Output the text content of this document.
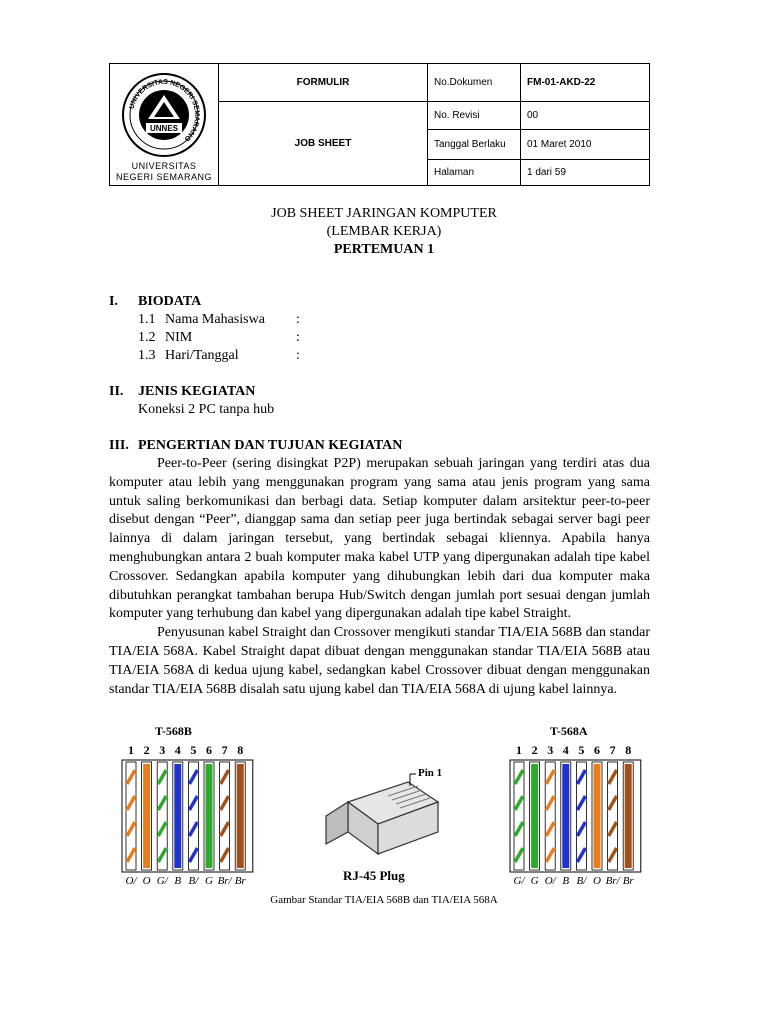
UNIVERSITAS NEGERI SEMARANG
UNNES
UNIVERSITAS
NEGERI SEMARANG	FORMULIR	No.Dokumen	FM-01-AKD-22
	JOB SHEET	No. Revisi	00
		Tanggal Berlaku	01 Maret 2010
		Halaman	1 dari 59
JOB SHEET JARINGAN KOMPUTER
(LEMBAR KERJA)
PERTEMUAN 1
I. BIODATA
1.1 Nama Mahasiswa :
1.2 NIM	:
1.3 Hari/Tanggal	:
II. JENIS KEGIATAN
Koneksi 2 PC tanpa hub
III. PENGERTIAN DAN TUJUAN KEGIATAN

Peer-to-Peer (sering disingkat P2P) merupakan sebuah jaringan yang terdiri atas dua komputer atau lebih yang menggunakan program yang sama atau jenis program yang sama untuk saling berkomunikasi dan berbagi data. Setiap komputer dalam arsitektur peer-to-peer disebut dengan “Peer”, dianggap sama dan setiap peer juga bertindak sebagai server bagi peer lainnya di dalam jaringan tersebut, yang bertindak sebagai kliennya. Apabila hanya menghubungkan antara 2 buah komputer maka kabel UTP yang dipergunakan adalah tipe kabel Crossover. Sedangkan apabila komputer yang dihubungkan lebih dari dua komputer maka dibutuhkan perangkat tambahan berupa Hub/Switch dengan jumlah port sesuai dengan jumlah komputer yang terhubung dan kabel yang dipergunakan adalah tipe kabel Straight.

Penyusunan kabel Straight dan Crossover mengikuti standar TIA/EIA 568B dan standar TIA/EIA 568A. Kabel Straight dapat dibuat dengan menggunakan standar TIA/EIA 568B atau TIA/EIA 568A di kedua ujung kabel, sedangkan kabel Crossover dibuat dengan menggunakan standar TIA/EIA 568B disalah satu ujung kabel dan TIA/EIA 568A di ujung kabel lainnya.

T-568B	T-568A
1 2 3 4 5 6 7 8
O/ O G/ B B/ G Br/ Br
1 2 3 4 5 6 7 8
G/ G O/ B B/ O Br/ Br
Pin 1
RJ-45 Plug
Gambar Standar TIA/EIA 568B dan TIA/EIA 568A
